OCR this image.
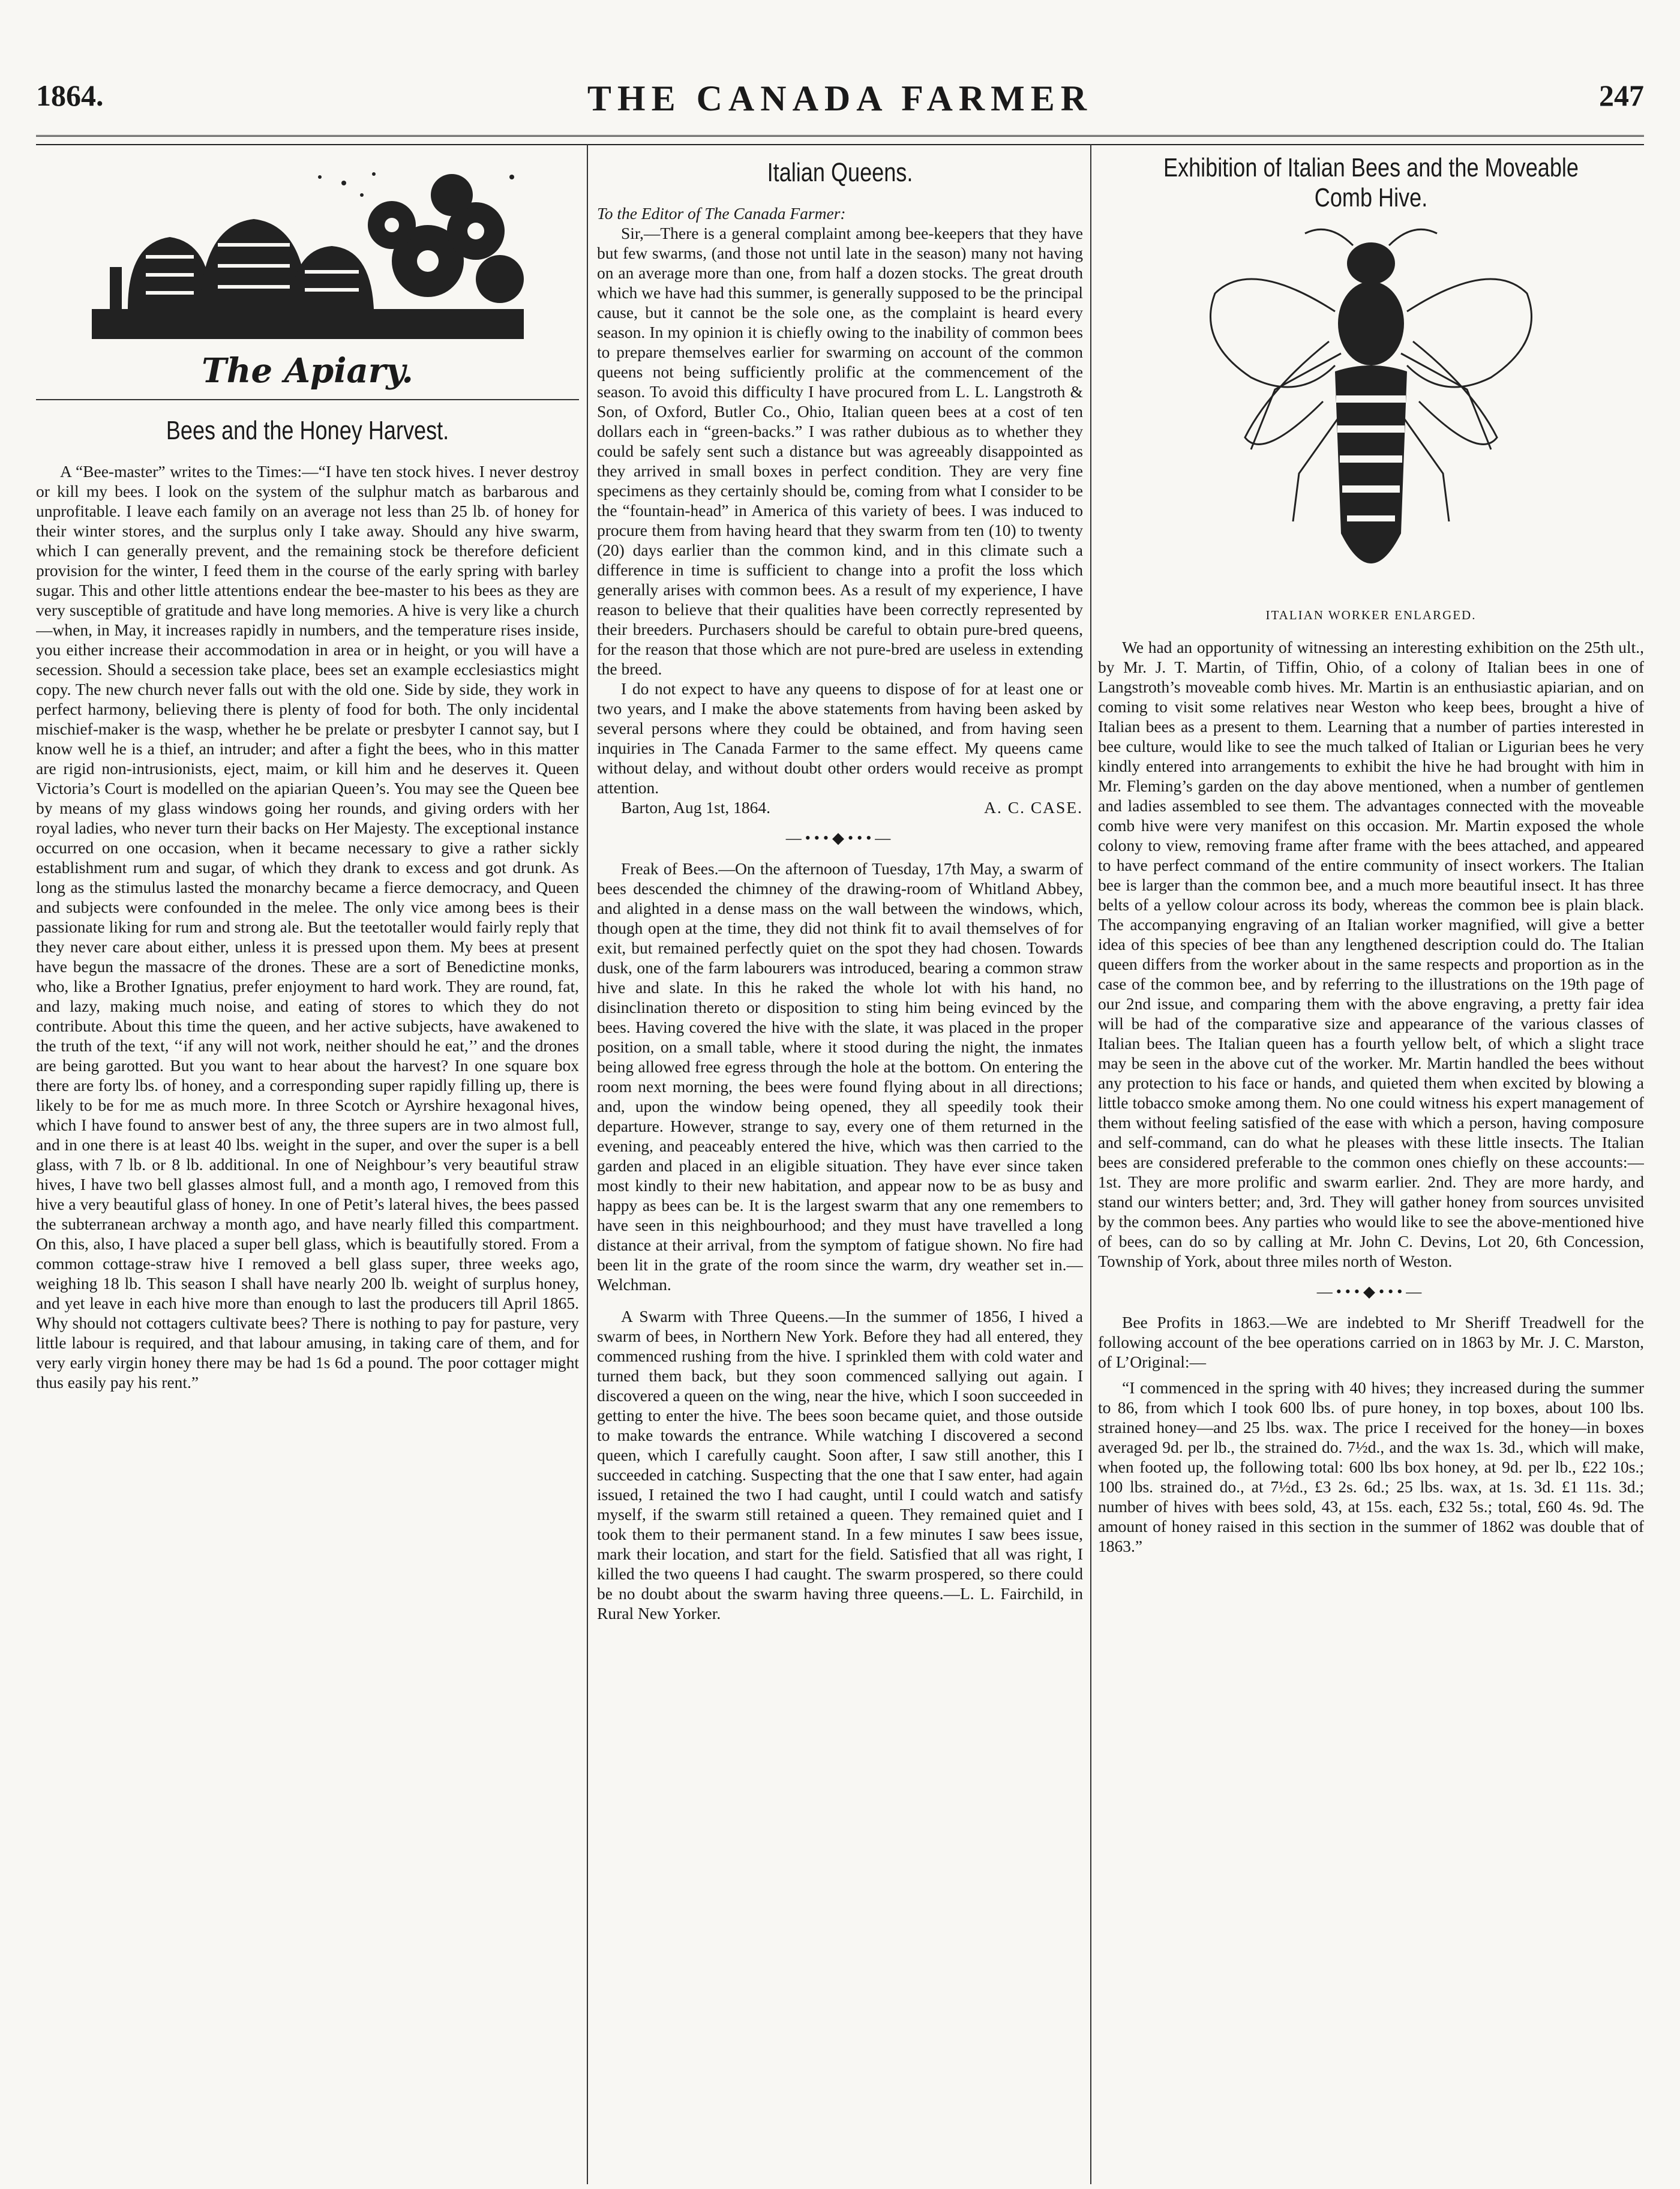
1864.	THE CANADA FARMER	247
The Apiary.
Bees and the Honey Harvest.

A “Bee-master” writes to the Times:—“I have ten stock hives. I never destroy or kill my bees. I look on the system of the sulphur match as barbarous and unprofitable. I leave each family on an average not less than 25 lb. of honey for their winter stores, and the surplus only I take away. Should any hive swarm, which I can generally prevent, and the remaining stock be therefore deficient provision for the winter, I feed them in the course of the early spring with barley sugar. This and other little attentions endear the bee-master to his bees as they are very susceptible of gratitude and have long memories. A hive is very like a church—when, in May, it increases rapidly in numbers, and the temperature rises inside, you either increase their accommodation in area or in height, or you will have a secession. Should a secession take place, bees set an example ecclesiastics might copy. The new church never falls out with the old one. Side by side, they work in perfect harmony, believing there is plenty of food for both. The only incidental mischief-maker is the wasp, whether he be prelate or presbyter I cannot say, but I know well he is a thief, an intruder; and after a fight the bees, who in this matter are rigid non-intrusionists, eject, maim, or kill him and he deserves it. Queen Victoria’s Court is modelled on the apiarian Queen’s. You may see the Queen bee by means of my glass windows going her rounds, and giving orders with her royal ladies, who never turn their backs on Her Majesty. The exceptional instance occurred on one occasion, when it became necessary to give a rather sickly establishment rum and sugar, of which they drank to excess and got drunk. As long as the stimulus lasted the monarchy became a fierce democracy, and Queen and subjects were confounded in the melee. The only vice among bees is their passionate liking for rum and strong ale. But the teetotaller would fairly reply that they never care about either, unless it is pressed upon them. My bees at present have begun the massacre of the drones. These are a sort of Benedictine monks, who, like a Brother Ignatius, prefer enjoyment to hard work. They are round, fat, and lazy, making much noise, and eating of stores to which they do not contribute. About this time the queen, and her active subjects, have awakened to the truth of the text, ‘‘if any will not work, neither should he eat,’’ and the drones are being garotted. But you want to hear about the harvest? In one square box there are forty lbs. of honey, and a corresponding super rapidly filling up, there is likely to be for me as much more. In three Scotch or Ayrshire hexagonal hives, which I have found to answer best of any, the three supers are in two almost full, and in one there is at least 40 lbs. weight in the super, and over the super is a bell glass, with 7 lb. or 8 lb. additional. In one of Neighbour’s very beautiful straw hives, I have two bell glasses almost full, and a month ago, I removed from this hive a very beautiful glass of honey. In one of Petit’s lateral hives, the bees passed the subterranean archway a month ago, and have nearly filled this compartment. On this, also, I have placed a super bell glass, which is beautifully stored. From a common cottage-straw hive I removed a bell glass super, three weeks ago, weighing 18 lb. This season I shall have nearly 200 lb. weight of surplus honey, and yet leave in each hive more than enough to last the producers till April 1865. Why should not cottagers cultivate bees? There is nothing to pay for pasture, very little labour is required, and that labour amusing, in taking care of them, and for very early virgin honey there may be had 1s 6d a pound. The poor cottager might thus easily pay his rent.”

Italian Queens.

To the Editor of The Canada Farmer:

Sir,—There is a general complaint among bee-keepers that they have but few swarms, (and those not until late in the season) many not having on an average more than one, from half a dozen stocks. The great drouth which we have had this summer, is generally supposed to be the principal cause, but it cannot be the sole one, as the complaint is heard every season. In my opinion it is chiefly owing to the inability of common bees to prepare themselves earlier for swarming on account of the common queens not being sufficiently prolific at the commencement of the season. To avoid this difficulty I have procured from L. L. Langstroth & Son, of Oxford, Butler Co., Ohio, Italian queen bees at a cost of ten dollars each in “green-backs.” I was rather dubious as to whether they could be safely sent such a distance but was agreeably disappointed as they arrived in small boxes in perfect condition. They are very fine specimens as they certainly should be, coming from what I consider to be the “fountain-head” in America of this variety of bees. I was induced to procure them from having heard that they swarm from ten (10) to twenty (20) days earlier than the common kind, and in this climate such a difference in time is sufficient to change into a profit the loss which generally arises with common bees. As a result of my experience, I have reason to believe that their qualities have been correctly represented by their breeders. Purchasers should be careful to obtain pure-bred queens, for the reason that those which are not pure-bred are useless in extending the breed.

I do not expect to have any queens to dispose of for at least one or two years, and I make the above statements from having been asked by several persons where they could be obtained, and from having seen inquiries in The Canada Farmer to the same effect. My queens came without delay, and without doubt other orders would receive as prompt attention.

Barton, Aug 1st, 1864.	A. C. CASE.

—•••◆•••—

Freak of Bees.—On the afternoon of Tuesday, 17th May, a swarm of bees descended the chimney of the drawing-room of Whitland Abbey, and alighted in a dense mass on the wall between the windows, which, though open at the time, they did not think fit to avail themselves of for exit, but remained perfectly quiet on the spot they had chosen. Towards dusk, one of the farm labourers was introduced, bearing a common straw hive and slate. In this he raked the whole lot with his hand, no disinclination thereto or disposition to sting him being evinced by the bees. Having covered the hive with the slate, it was placed in the proper position, on a small table, where it stood during the night, the inmates being allowed free egress through the hole at the bottom. On entering the room next morning, the bees were found flying about in all directions; and, upon the window being opened, they all speedily took their departure. However, strange to say, every one of them returned in the evening, and peaceably entered the hive, which was then carried to the garden and placed in an eligible situation. They have ever since taken most kindly to their new habitation, and appear now to be as busy and happy as bees can be. It is the largest swarm that any one remembers to have seen in this neighbourhood; and they must have travelled a long distance at their arrival, from the symptom of fatigue shown. No fire had been lit in the grate of the room since the warm, dry weather set in.—Welchman.

A Swarm with Three Queens.—In the summer of 1856, I hived a swarm of bees, in Northern New York. Before they had all entered, they commenced rushing from the hive. I sprinkled them with cold water and turned them back, but they soon commenced sallying out again. I discovered a queen on the wing, near the hive, which I soon succeeded in getting to enter the hive. The bees soon became quiet, and those outside to make towards the entrance. While watching I discovered a second queen, which I carefully caught. Soon after, I saw still another, this I succeeded in catching. Suspecting that the one that I saw enter, had again issued, I retained the two I had caught, until I could watch and satisfy myself, if the swarm still retained a queen. They remained quiet and I took them to their permanent stand. In a few minutes I saw bees issue, mark their location, and start for the field. Satisfied that all was right, I killed the two queens I had caught. The swarm prospered, so there could be no doubt about the swarm having three queens.—L. L. Fairchild, in Rural New Yorker.

Exhibition of Italian Bees and the Moveable Comb Hive.
ITALIAN WORKER ENLARGED.

We had an opportunity of witnessing an interesting exhibition on the 25th ult., by Mr. J. T. Martin, of Tiffin, Ohio, of a colony of Italian bees in one of Langstroth’s moveable comb hives. Mr. Martin is an enthusiastic apiarian, and on coming to visit some relatives near Weston who keep bees, brought a hive of Italian bees as a present to them. Learning that a number of parties interested in bee culture, would like to see the much talked of Italian or Ligurian bees he very kindly entered into arrangements to exhibit the hive he had brought with him in Mr. Fleming’s garden on the day above mentioned, when a number of gentlemen and ladies assembled to see them. The advantages connected with the moveable comb hive were very manifest on this occasion. Mr. Martin exposed the whole colony to view, removing frame after frame with the bees attached, and appeared to have perfect command of the entire community of insect workers. The Italian bee is larger than the common bee, and a much more beautiful insect. It has three belts of a yellow colour across its body, whereas the common bee is plain black. The accompanying engraving of an Italian worker magnified, will give a better idea of this species of bee than any lengthened description could do. The Italian queen differs from the worker about in the same respects and proportion as in the case of the common bee, and by referring to the illustrations on the 19th page of our 2nd issue, and comparing them with the above engraving, a pretty fair idea will be had of the comparative size and appearance of the various classes of Italian bees. The Italian queen has a fourth yellow belt, of which a slight trace may be seen in the above cut of the worker. Mr. Martin handled the bees without any protection to his face or hands, and quieted them when excited by blowing a little tobacco smoke among them. No one could witness his expert management of them without feeling satisfied of the ease with which a person, having composure and self-command, can do what he pleases with these little insects. The Italian bees are considered preferable to the common ones chiefly on these accounts:— 1st. They are more prolific and swarm earlier. 2nd. They are more hardy, and stand our winters better; and, 3rd. They will gather honey from sources unvisited by the common bees. Any parties who would like to see the above-mentioned hive of bees, can do so by calling at Mr. John C. Devins, Lot 20, 6th Concession, Township of York, about three miles north of Weston.

—•••◆•••—

Bee Profits in 1863.—We are indebted to Mr Sheriff Treadwell for the following account of the bee operations carried on in 1863 by Mr. J. C. Marston, of L’Original:—

“I commenced in the spring with 40 hives; they increased during the summer to 86, from which I took 600 lbs. of pure honey, in top boxes, about 100 lbs. strained honey—and 25 lbs. wax. The price I received for the honey—in boxes averaged 9d. per lb., the strained do. 7½d., and the wax 1s. 3d., which will make, when footed up, the following total: 600 lbs box honey, at 9d. per lb., £22 10s.; 100 lbs. strained do., at 7½d., £3 2s. 6d.; 25 lbs. wax, at 1s. 3d. £1 11s. 3d.; number of hives with bees sold, 43, at 15s. each, £32 5s.; total, £60 4s. 9d. The amount of honey raised in this section in the summer of 1862 was double that of 1863.”
